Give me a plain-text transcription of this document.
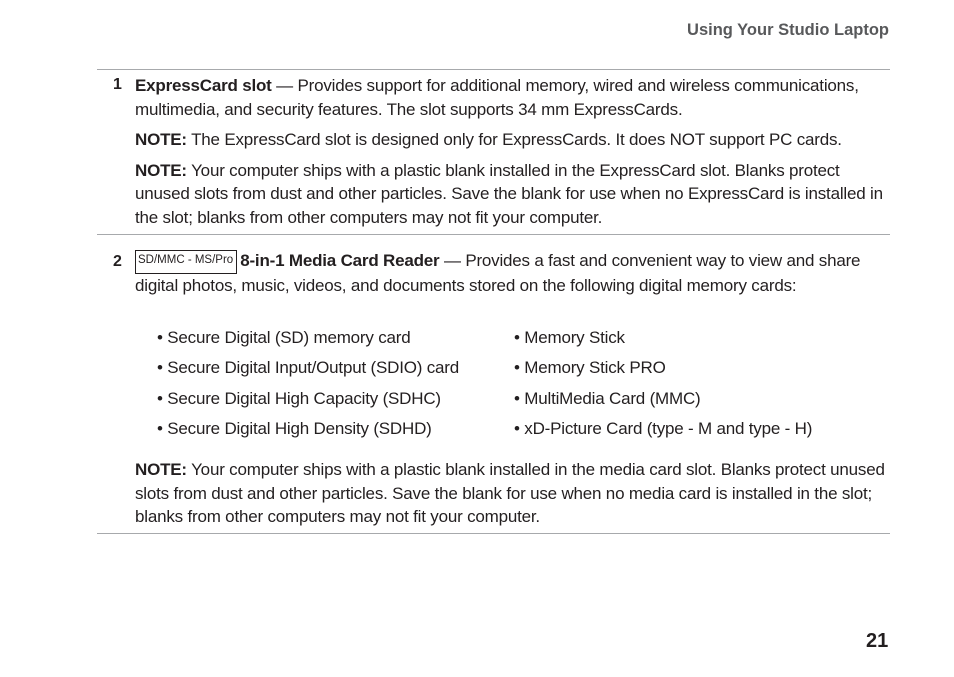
Using Your Studio Laptop
1 ExpressCard slot — Provides support for additional memory, wired and wireless communications, multimedia, and security features. The slot supports 34 mm ExpressCards.

NOTE: The ExpressCard slot is designed only for ExpressCards. It does NOT support PC cards.

NOTE: Your computer ships with a plastic blank installed in the ExpressCard slot. Blanks protect unused slots from dust and other particles. Save the blank for use when no ExpressCard is installed in the slot; blanks from other computers may not fit your computer.

2 SD/MMC - MS/Pro 8-in-1 Media Card Reader — Provides a fast and convenient way to view and share digital photos, music, videos, and documents stored on the following digital memory cards:

• Secure Digital (SD) memory card
• Secure Digital Input/Output (SDIO) card
• Secure Digital High Capacity (SDHC)
• Secure Digital High Density (SDHD)
• Memory Stick
• Memory Stick PRO
• MultiMedia Card (MMC)
• xD-Picture Card (type - M and type - H)

NOTE: Your computer ships with a plastic blank installed in the media card slot. Blanks protect unused slots from dust and other particles. Save the blank for use when no media card is installed in the slot; blanks from other computers may not fit your computer.

21
